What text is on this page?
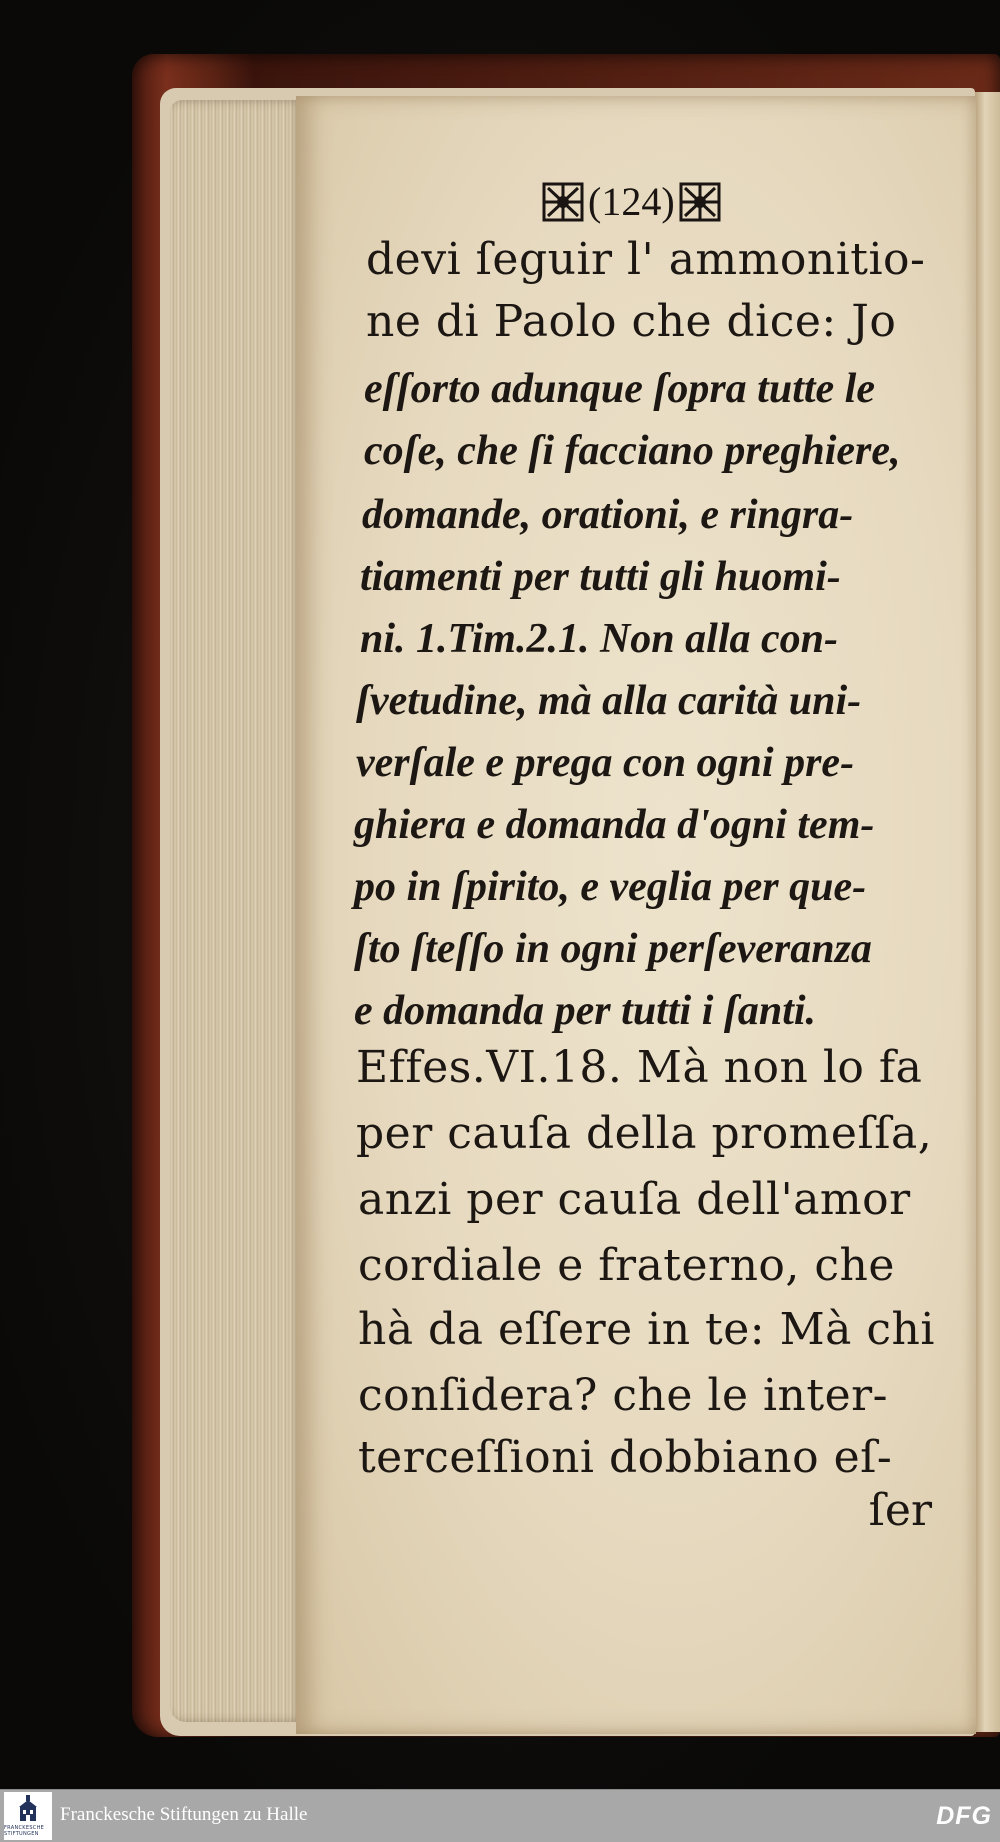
(124)
devi ſeguir l' ammonitio-
ne di Paolo che dice: Jo
eſſorto adunque ſopra tutte le
coſe, che ſi facciano preghiere,
domande, orationi, e ringra-
tiamenti per tutti gli huomi-
ni. 1.Tim.2.1. Non alla con-
ſvetudine, mà alla carità uni-
verſale e prega con ogni pre-
ghiera e domanda d'ogni tem-
po in ſpirito, e veglia per que-
ſto ſteſſo in ogni perſeveranza
e domanda per tutti i ſanti.
Effes.VI.18. Mà non lo fa
per cauſa della promeſſa,
anzi per cauſa dell'amor
cordiale e fraterno, che
hà da eſſere in te: Mà chi
conſidera? che le inter-
terceſſioni dobbiano eſ-
ſer
FRANCKESCHE STIFTUNGEN
Franckesche Stiftungen zu Halle	DFG
